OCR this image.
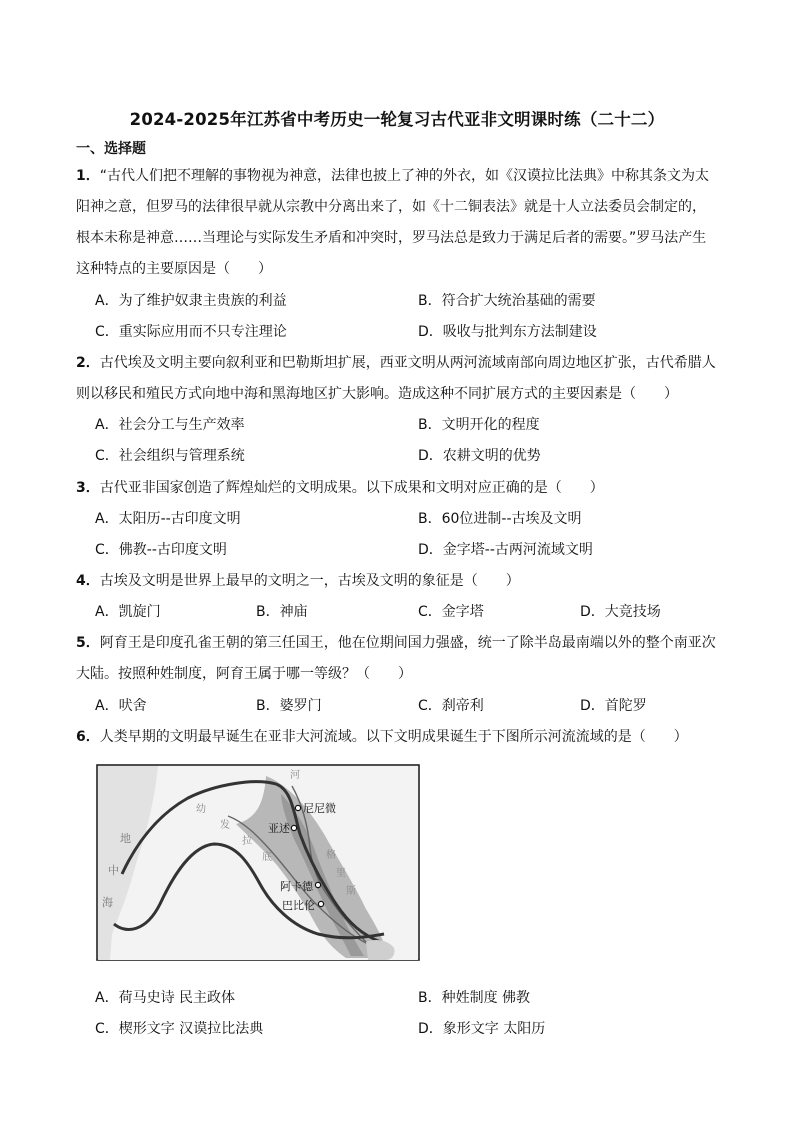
2024-2025年江苏省中考历史一轮复习古代亚非文明课时练（二十二）
一、选择题
1．“古代人们把不理解的事物视为神意，法律也披上了神的外衣，如《汉谟拉比法典》中称其条文为太
阳神之意，但罗马的法律很早就从宗教中分离出来了，如《十二铜表法》就是十人立法委员会制定的，
根本未称是神意……当理论与实际发生矛盾和冲突时，罗马法总是致力于满足后者的需要。”罗马法产生
这种特点的主要原因是（　　）
A．为了维护奴隶主贵族的利益	B．符合扩大统治基础的需要
C．重实际应用而不只专注理论	D．吸收与批判东方法制建设
2．古代埃及文明主要向叙利亚和巴勒斯坦扩展，西亚文明从两河流域南部向周边地区扩张，古代希腊人
则以移民和殖民方式向地中海和黑海地区扩大影响。造成这种不同扩展方式的主要因素是（　　）
A．社会分工与生产效率	B．文明开化的程度
C．社会组织与管理系统	D．农耕文明的优势
3．古代亚非国家创造了辉煌灿烂的文明成果。以下成果和文明对应正确的是（　　）
A．太阳历--古印度文明	B．60位进制--古埃及文明
C．佛教--古印度文明	D．金字塔--古两河流域文明
4．古埃及文明是世界上最早的文明之一，古埃及文明的象征是（　　）
A．凯旋门	B．神庙	C．金字塔	D．大竞技场
5．阿育王是印度孔雀王朝的第三任国王，他在位期间国力强盛，统一了除半岛最南端以外的整个南亚次
大陆。按照种姓制度，阿育王属于哪一等级？（　　）
A．吠舍	B．婆罗门	C．刹帝利	D．首陀罗
6．人类早期的文明最早诞生在亚非大河流域。以下文明成果诞生于下图所示河流流域的是（　　）
尼尼微
亚述
阿卡德
巴比伦
地
中
海
幼
发
拉
底
河
格
里
斯
A．荷马史诗 民主政体	B．种姓制度 佛教
C．楔形文字 汉谟拉比法典	D．象形文字 太阳历
